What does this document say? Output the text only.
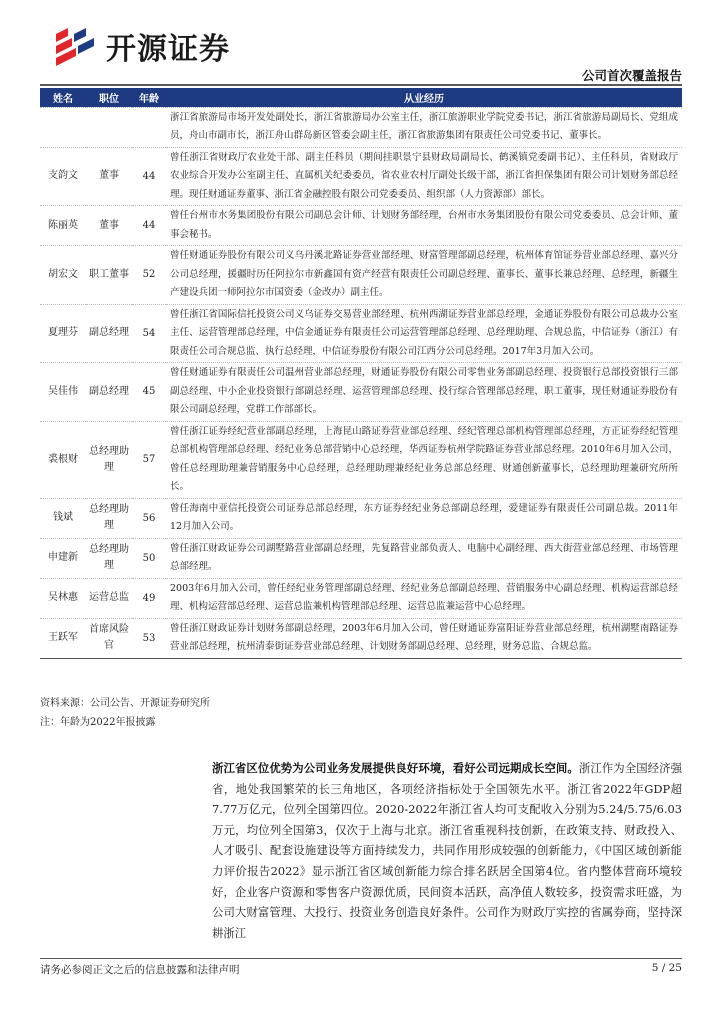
开源证券
公司首次覆盖报告
姓名	职位	年龄	从业经历
			浙江省旅游局市场开发处副处长，浙江省旅游局办公室主任，浙江旅游职业学院党委书记，浙江省旅游局副局长、党组成员，舟山市副市长，浙江舟山群岛新区管委会副主任，浙江省旅游集团有限责任公司党委书记、董事长。
支韵文	董事	44	曾任浙江省财政厅农业处干部、副主任科员（期间挂职景宁县财政局副局长、鹤溪镇党委副书记）、主任科员，省财政厅农业综合开发办公室副主任、直属机关纪委委员，省农业农村厅副处长级干部，浙江省担保集团有限公司计划财务部总经理。现任财通证券董事、浙江省金融控股有限公司党委委员、组织部（人力资源部）部长。
陈丽英	董事	44	曾任台州市水务集团股份有限公司副总会计师、计划财务部经理，台州市水务集团股份有限公司党委委员、总会计师、董事会秘书。
胡宏文	职工董事	52	曾任财通证券股份有限公司义乌丹溪北路证券营业部经理、财富管理部副总经理，杭州体育馆证券营业部总经理、嘉兴分公司总经理，援疆时历任阿拉尔市新鑫国有资产经营有限责任公司副总经理、董事长、董事长兼总经理、总经理，新疆生产建设兵团一师阿拉尔市国资委（金改办）副主任。
夏理芬	副总经理	54	曾任浙江省国际信托投资公司义乌证券交易营业部经理、杭州西湖证券营业部总经理，金通证券股份有限公司总裁办公室主任、运营管理部总经理，中信金通证券有限责任公司运营管理部总经理、总经理助理、合规总监，中信证券（浙江）有限责任公司合规总监、执行总经理，中信证券股份有限公司江西分公司总经理。2017年3月加入公司。
吴佳伟	副总经理	45	曾任财通证券有限责任公司温州营业部总经理，财通证券股份有限公司零售业务部副总经理、投资银行总部投资银行三部副总经理、中小企业投资银行部副总经理、运营管理部总经理、投行综合管理部总经理、职工董事，现任财通证券股份有限公司副总经理，党群工作部部长。
裘根财	总经理助理	57	曾任浙江证券经纪营业部副总经理，上海昆山路证券营业部总经理、经纪管理总部机构管理部总经理，方正证券经纪管理总部机构管理部总经理、经纪业务总部营销中心总经理，华西证券杭州学院路证券营业部总经理。2010年6月加入公司，曾任总经理助理兼营销服务中心总经理，总经理助理兼经纪业务总部总经理、财通创新董事长，总经理助理兼研究所所长。
钱斌	总经理助理	56	曾任海南中亚信托投资公司证券总部总经理，东方证券经纪业务总部副总经理，爱建证券有限责任公司副总裁。2011年12月加入公司。
申建新	总经理助理	50	曾任浙江财政证券公司湖墅路营业部副总经理，先复路营业部负责人、电脑中心副经理、西大街营业部总经理、市场管理总部经理。
吴林惠	运营总监	49	2003年6月加入公司，曾任经纪业务管理部副总经理、经纪业务总部副总经理、营销服务中心副总经理、机构运营部总经理、机构运营部总经理、运营总监兼机构管理部总经理、运营总监兼运营中心总经理。
王跃军	首席风险官	53	曾任浙江财政证券计划财务部副总经理，2003年6月加入公司，曾任财通证券富阳证券营业部总经理，杭州湖墅南路证券营业部总经理，杭州清泰街证券营业部总经理、计划财务部副总经理、总经理，财务总监、合规总监。
资料来源：公司公告、开源证券研究所
注：年龄为2022年报披露
浙江省区位优势为公司业务发展提供良好环境，看好公司远期成长空间。浙江作为全国经济强省，地处我国繁荣的长三角地区，各项经济指标处于全国领先水平。浙江省2022年GDP超7.77万亿元，位列全国第四位。2020-2022年浙江省人均可支配收入分别为5.24/5.75/6.03万元，均位列全国第3，仅次于上海与北京。浙江省重视科技创新，在政策支持、财政投入、人才吸引、配套设施建设等方面持续发力，共同作用形成较强的创新能力，《中国区域创新能力评价报告2022》显示浙江省区域创新能力综合排名跃居全国第4位。省内整体营商环境较好，企业客户资源和零售客户资源优质，民间资本活跃，高净值人数较多，投资需求旺盛，为公司大财富管理、大投行、投资业务创造良好条件。公司作为财政厅实控的省属券商，坚持深耕浙江
请务必参阅正文之后的信息披露和法律声明	5 / 25
